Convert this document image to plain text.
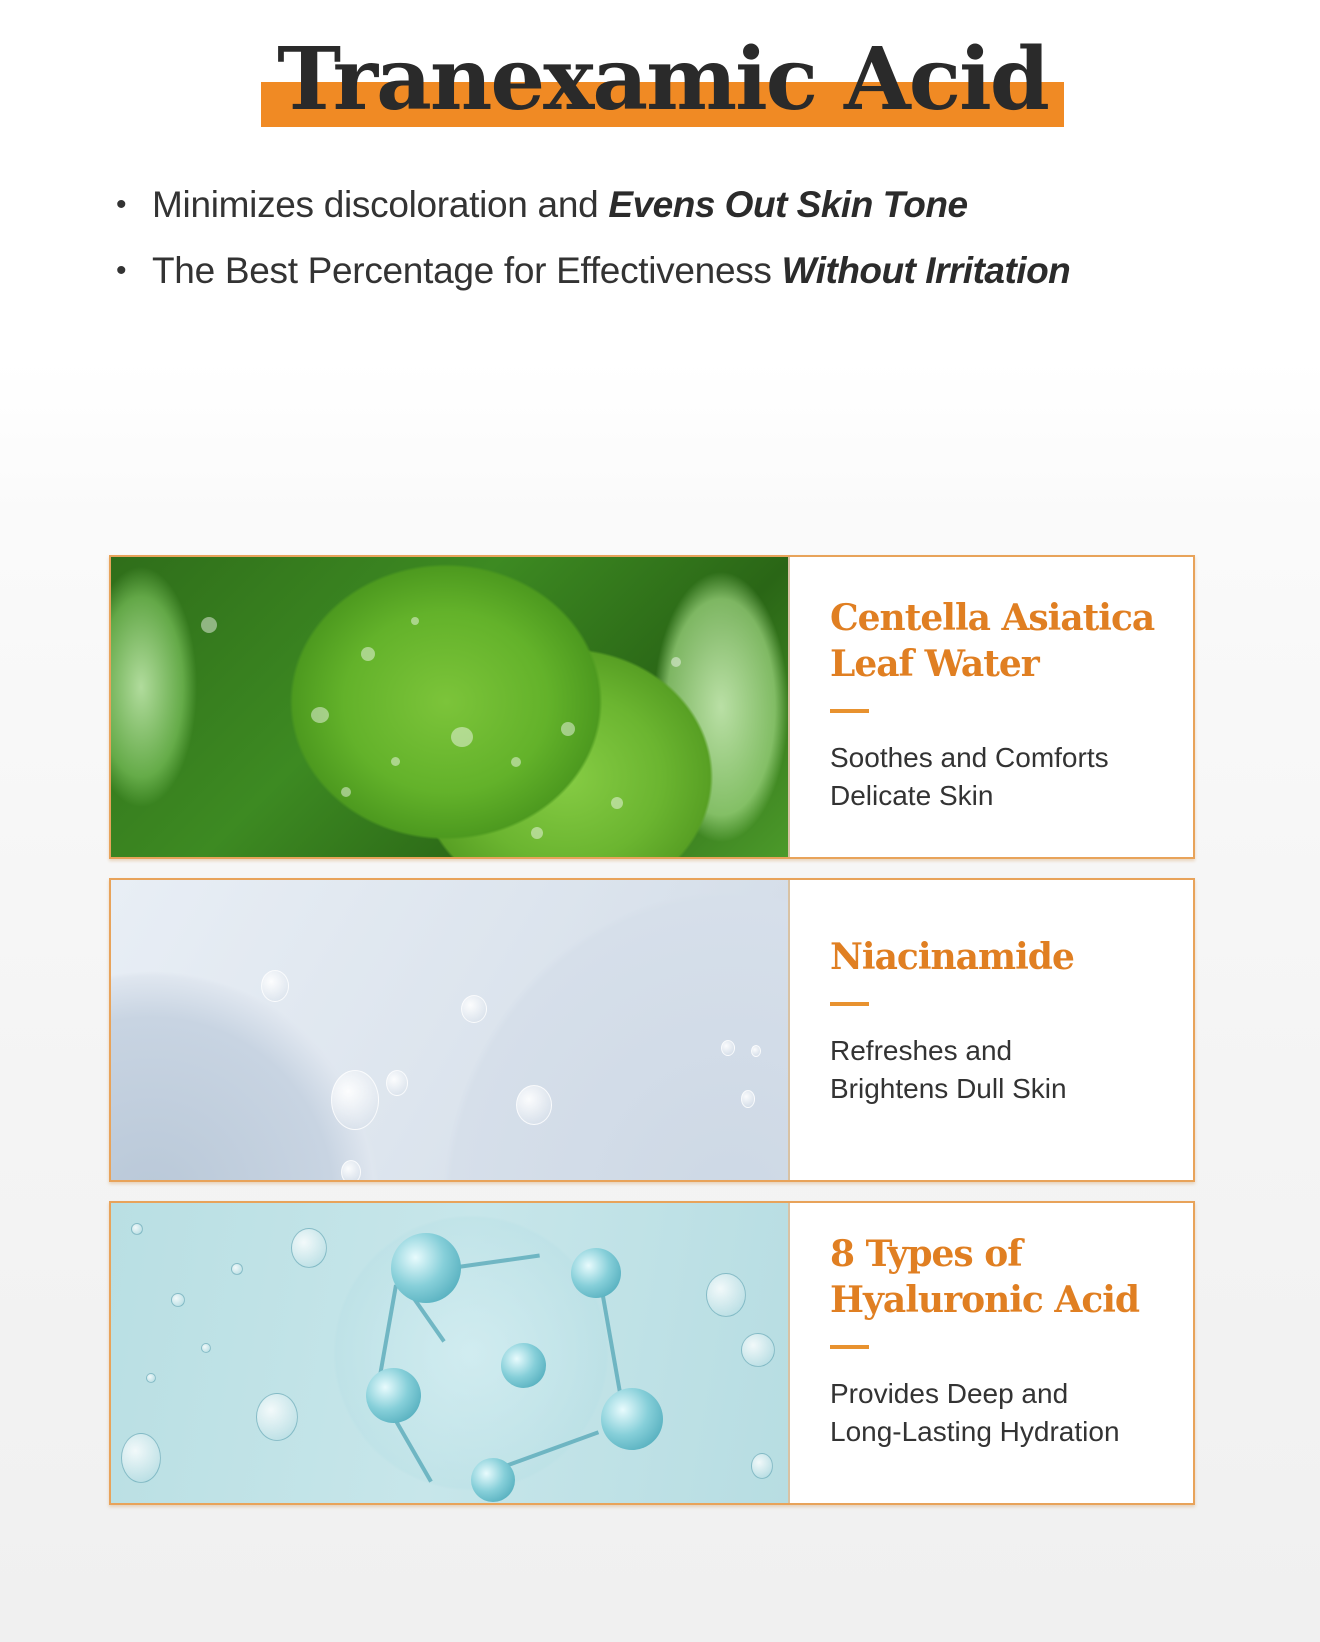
Tranexamic Acid
• Minimizes discoloration and Evens Out Skin Tone
• The Best Percentage for Effectiveness Without Irritation
Centella Asiatica
Leaf Water

Soothes and Comforts
Delicate Skin

Niacinamide

Refreshes and
Brightens Dull Skin

8 Types of
Hyaluronic Acid

Provides Deep and
Long-Lasting Hydration
